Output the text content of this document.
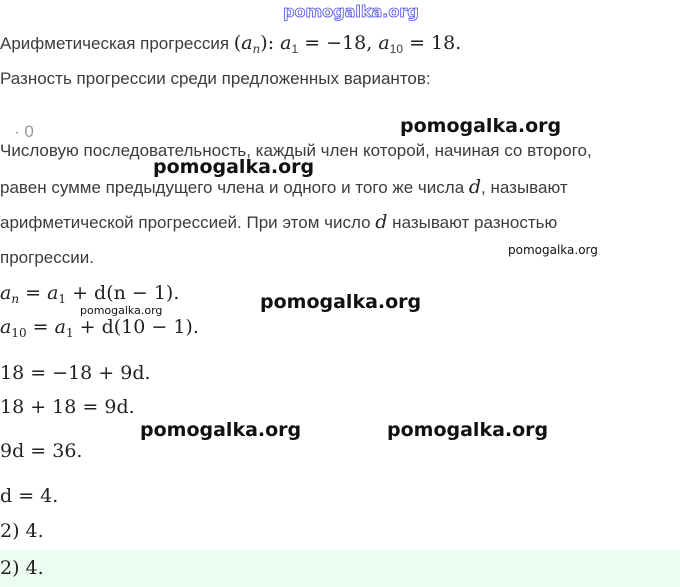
pomogalka.org
Арифметическая прогрессия $(a_n)$: $a_1 = -18$, $a_{10} = 18$.
Разность прогрессии среди предложенных вариантов:
· 0
Числовую последовательность, каждый член которой, начиная со второго,
равен сумме предыдущего члена и одного и того же числа d, называют
арифметической прогрессией. При этом число d называют разностью
прогрессии.
$a_n = a_1 + d(n - 1)$.
$a_{10} = a_1 + d(10 - 1)$.
18 = −18 + 9d.
18 + 18 = 9d.
9d = 36.
d = 4.
2) 4.
2) 4.
pomogalka.org
pomogalka.org
pomogalka.org
pomogalka.org
pomogalka.org
pomogalka.org	pomogalka.org
